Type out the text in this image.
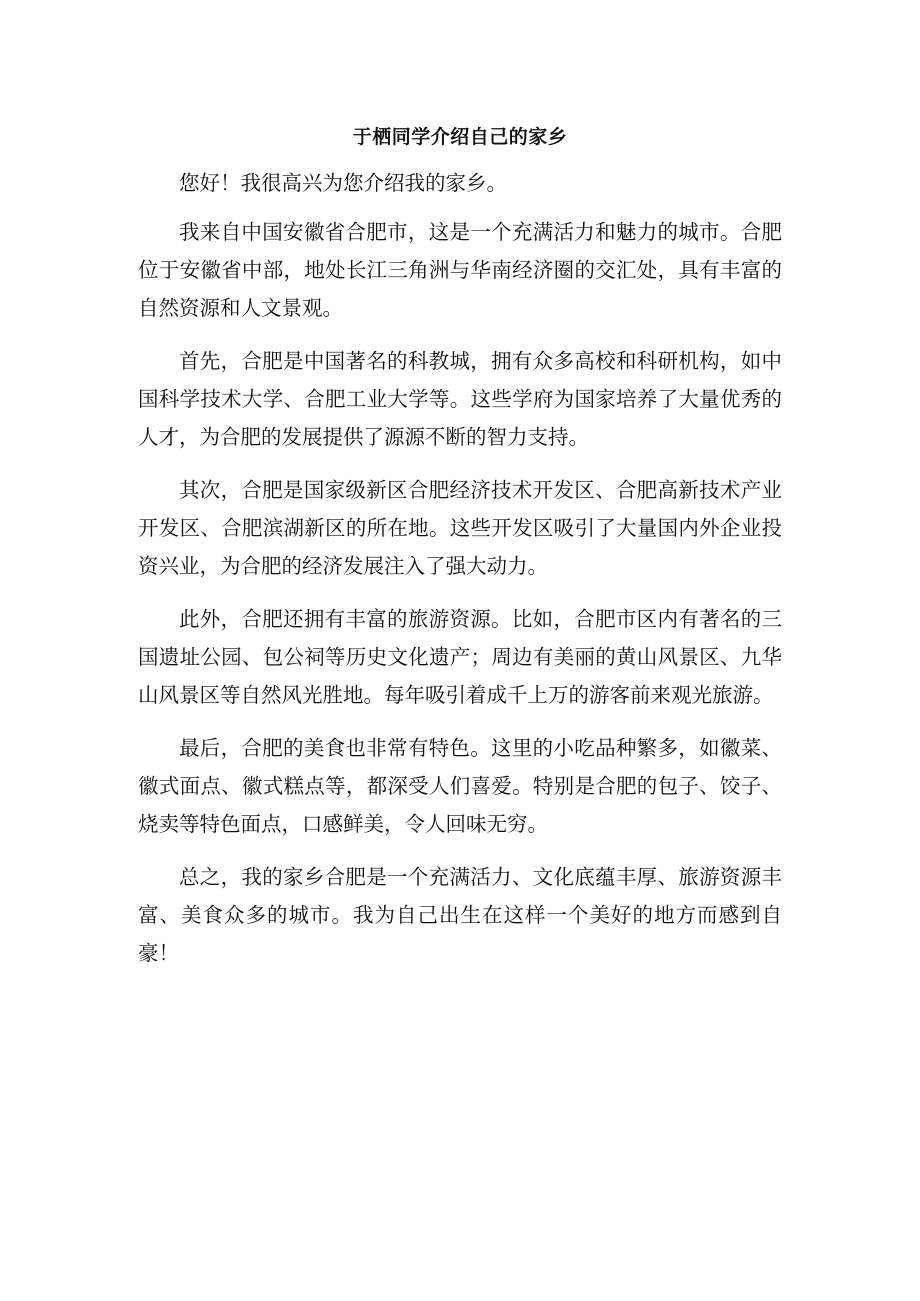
于栖同学介绍自己的家乡

您好！我很高兴为您介绍我的家乡。

我来自中国安徽省合肥市，这是一个充满活力和魅力的城市。合肥位于安徽省中部，地处长江三角洲与华南经济圈的交汇处，具有丰富的自然资源和人文景观。

首先，合肥是中国著名的科教城，拥有众多高校和科研机构，如中国科学技术大学、合肥工业大学等。这些学府为国家培养了大量优秀的人才，为合肥的发展提供了源源不断的智力支持。

其次，合肥是国家级新区合肥经济技术开发区、合肥高新技术产业开发区、合肥滨湖新区的所在地。这些开发区吸引了大量国内外企业投资兴业，为合肥的经济发展注入了强大动力。

此外，合肥还拥有丰富的旅游资源。比如，合肥市区内有著名的三国遗址公园、包公祠等历史文化遗产；周边有美丽的黄山风景区、九华山风景区等自然风光胜地。每年吸引着成千上万的游客前来观光旅游。

最后，合肥的美食也非常有特色。这里的小吃品种繁多，如徽菜、徽式面点、徽式糕点等，都深受人们喜爱。特别是合肥的包子、饺子、烧卖等特色面点，口感鲜美，令人回味无穷。

总之，我的家乡合肥是一个充满活力、文化底蕴丰厚、旅游资源丰富、美食众多的城市。我为自己出生在这样一个美好的地方而感到自豪！
